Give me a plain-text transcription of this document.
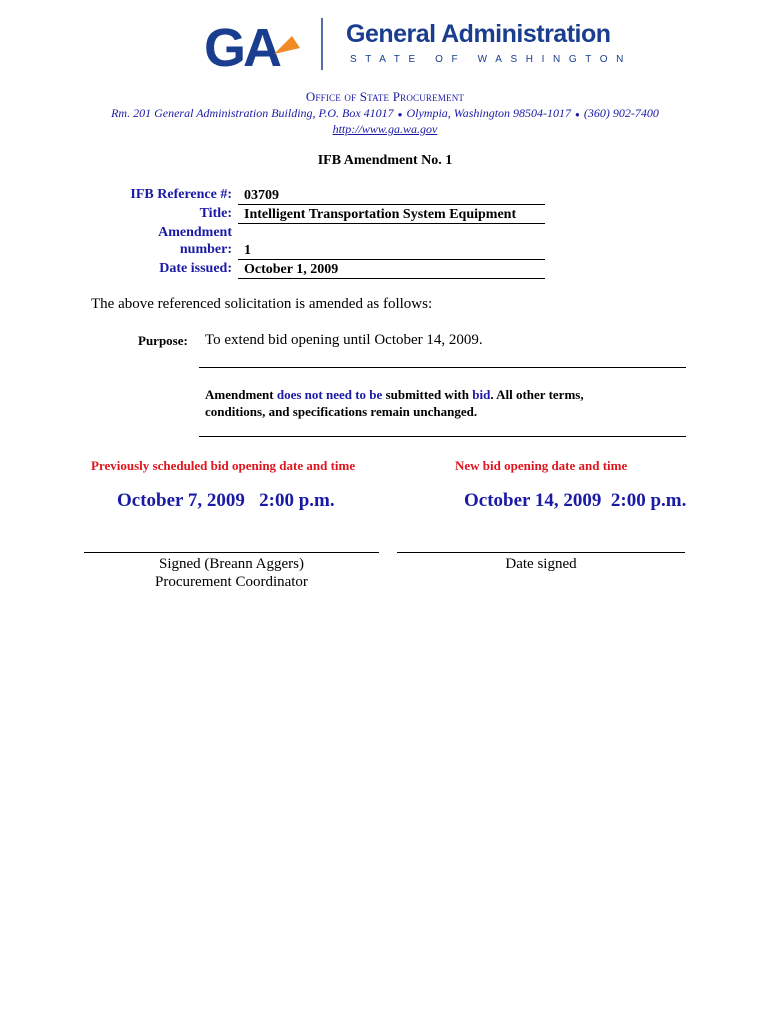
GA	General Administration
STATE OF WASHINGTON
Office of State Procurement
Rm. 201 General Administration Building, P.O. Box 41017 ● Olympia, Washington 98504-1017 ● (360) 902-7400
http://www.ga.wa.gov
IFB Amendment No. 1
IFB Reference #: 03709
Title: Intelligent Transportation System Equipment
Amendment
number: 1
Date issued: October 1, 2009
The above referenced solicitation is amended as follows:
Purpose: To extend bid opening until October 14, 2009.
Amendment does not need to be submitted with bid. All other terms, conditions, and specifications remain unchanged.
Previously scheduled bid opening date and time	New bid opening date and time
October 7, 2009   2:00 p.m.	October 14, 2009  2:00 p.m.
Signed (Breann Aggers)
Procurement Coordinator
Date signed
